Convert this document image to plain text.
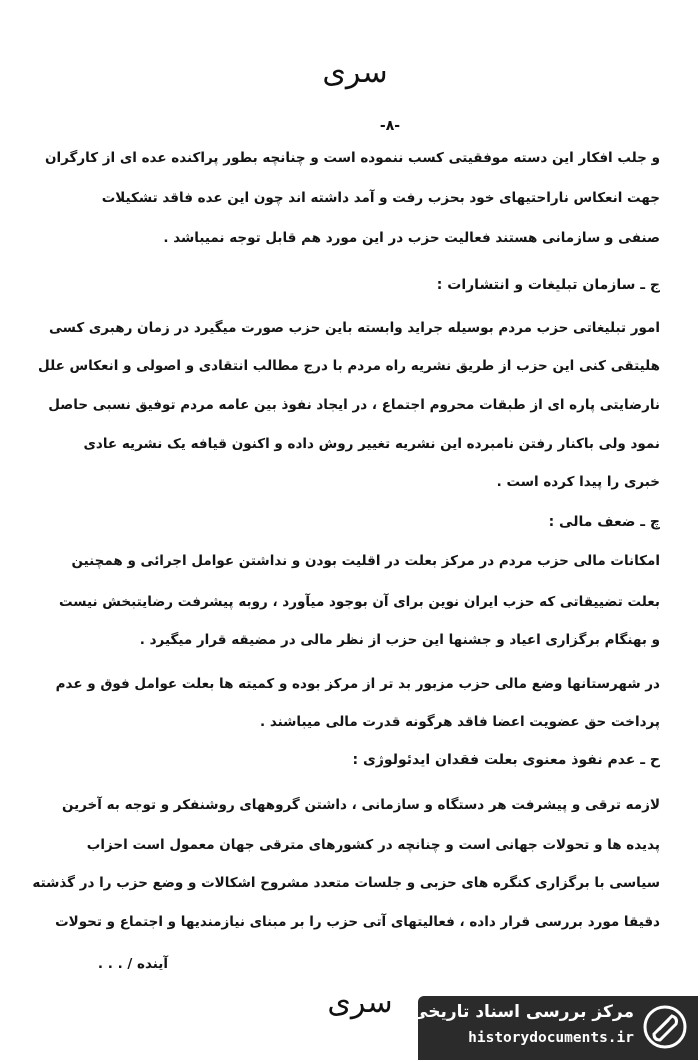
سری
-۸-
و جلب افکار این دسته موفقیتی کسب ننموده است و چنانچه بطور پراکنده عده ای از کارگران
جهت انعکاس ناراحتیهای خود بحزب رفت و آمد داشته اند چون این عده فاقد تشکیلات
صنفی و سازمانی هستند فعالیت حزب در این مورد هم قابل توجه نمیباشد .
ج ـ سازمان تبلیغات و انتشارات :
امور تبلیغاتی حزب مردم بوسیله جراید وابسته باین حزب صورت میگیرد در زمان رهبری کسی
هلیتقی کنی این حزب از طریق نشریه راه مردم با درج مطالب انتقادی و اصولی و انعکاس علل
نارضایتی پاره ای از طبقات محروم اجتماع ، در ایجاد نفوذ بین عامه مردم توفیق نسبی حاصل
نمود ولی باکنار رفتن نامبرده این نشریه تغییر روش داده و اکنون قیافه یک نشریه عادی
خبری را پیدا کرده است .
چ ـ ضعف مالی :
امکانات مالی حزب مردم در مرکز بعلت در اقلیت بودن و نداشتن عوامل اجرائی و همچنین
بعلت تضییقاتی که حزب ایران نوین برای آن بوجود میآورد ، روبه پیشرفت رضایتبخش نیست
و بهنگام برگزاری اعیاد و جشنها این حزب از نظر مالی در مضیقه قرار میگیرد .
در شهرستانها وضع مالی حزب مزبور بد تر از مرکز بوده و کمیته ها بعلت عوامل فوق و عدم
پرداخت حق عضویت اعضا فاقد هرگونه قدرت مالی میباشند .
ح ـ عدم نفوذ معنوی بعلت فقدان ایدئولوژی :
لازمه ترقی و پیشرفت هر دستگاه و سازمانی ، داشتن گروههای روشنفکر و توجه به آخرین
پدیده ها و تحولات جهانی است و چنانچه در کشورهای مترقی جهان معمول است احزاب
سیاسی با برگزاری کنگره های حزبی و جلسات متعدد مشروح اشکالات و وضع حزب را در گذشته
دقیقا مورد بررسی قرار داده ، فعالیتهای آتی حزب را بر مبنای نیازمندیها و اجتماع و تحولات
آینده / . . .
سری	مرکز بررسی اسناد تاریخی
historydocuments.ir
